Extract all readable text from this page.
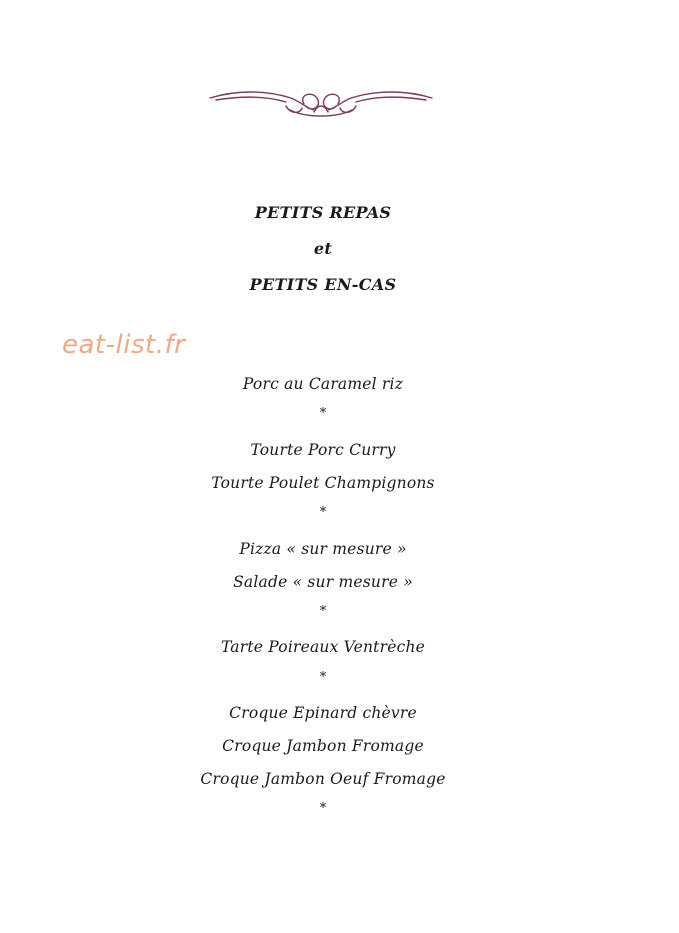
eat-list.fr
PETITS REPAS
et
PETITS EN-CAS
Porc au Caramel riz
*
Tourte Porc Curry
Tourte Poulet Champignons
*
Pizza « sur mesure »
Salade « sur mesure »
*
Tarte Poireaux Ventrèche
*
Croque Epinard chèvre
Croque Jambon Fromage
Croque Jambon Oeuf Fromage
*
